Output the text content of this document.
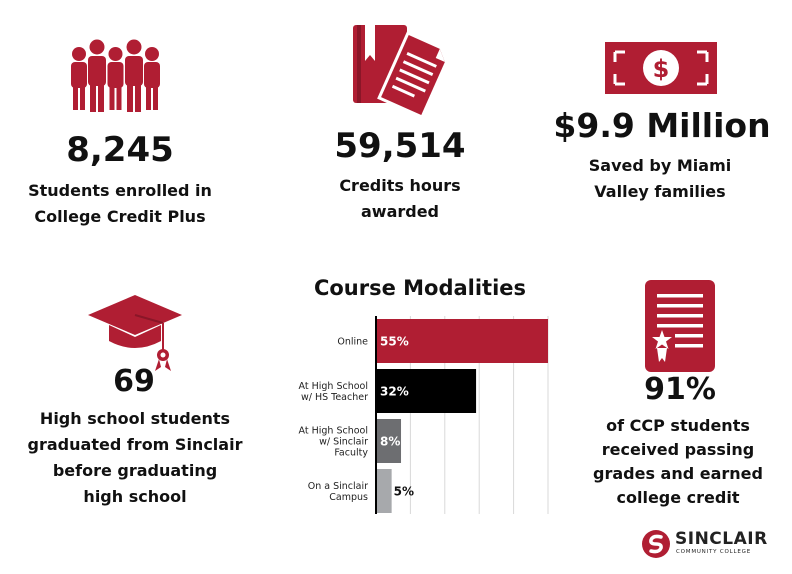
8,245
Students enrolled in
College Credit Plus
59,514
Credits hours
awarded
$
$9.9 Million
Saved by Miami
Valley families
69
High school students
graduated from Sinclair
before graduating
high school
Course Modalities
55%
Online
32%
At High School w/ HS Teacher
8%
At High School w/ Sinclair Faculty
5%
On a Sinclair Campus
91%
of CCP students
received passing
grades and earned
college credit
SINCLAIR
COMMUNITY COLLEGE
